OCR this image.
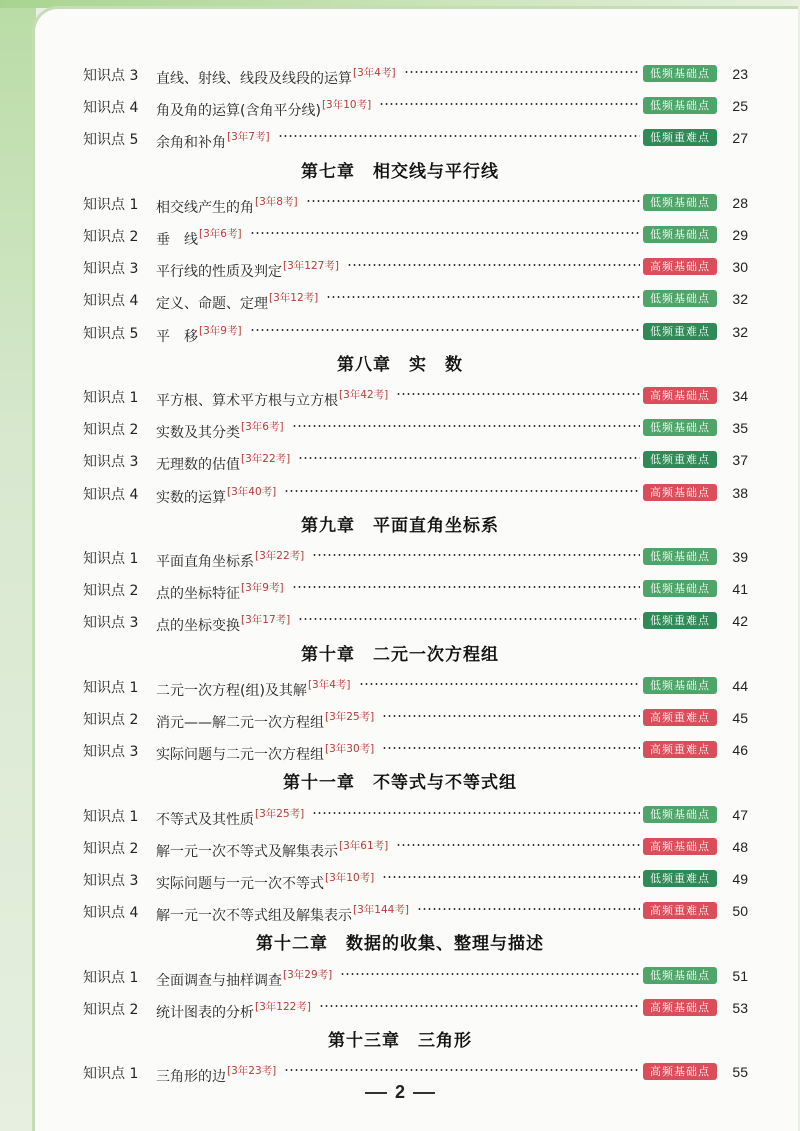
知识点 3 直线、射线、线段及线段的运算[3年4考]	低频基础点	23
知识点 4 角及角的运算(含角平分线)[3年10考]	低频基础点	25
知识点 5 余角和补角[3年7考]	低频重难点	27
第七章　相交线与平行线
知识点 1 相交线产生的角[3年8考]	低频基础点	28
知识点 2 垂　线[3年6考]	低频基础点	29
知识点 3 平行线的性质及判定[3年127考]	高频基础点	30
知识点 4 定义、命题、定理[3年12考]	低频基础点	32
知识点 5 平　移[3年9考]	低频重难点	32
第八章　实　数
知识点 1 平方根、算术平方根与立方根[3年42考]	高频基础点	34
知识点 2 实数及其分类[3年6考]	低频基础点	35
知识点 3 无理数的估值[3年22考]	低频重难点	37
知识点 4 实数的运算[3年40考]	高频基础点	38
第九章　平面直角坐标系
知识点 1 平面直角坐标系[3年22考]	低频基础点	39
知识点 2 点的坐标特征[3年9考]	低频基础点	41
知识点 3 点的坐标变换[3年17考]	低频重难点	42
第十章　二元一次方程组
知识点 1 二元一次方程(组)及其解[3年4考]	低频基础点	44
知识点 2 消元——解二元一次方程组[3年25考]	高频重难点	45
知识点 3 实际问题与二元一次方程组[3年30考]	高频重难点	46
第十一章　不等式与不等式组
知识点 1 不等式及其性质[3年25考]	低频基础点	47
知识点 2 解一元一次不等式及解集表示[3年61考]	高频基础点	48
知识点 3 实际问题与一元一次不等式[3年10考]	低频重难点	49
知识点 4 解一元一次不等式组及解集表示[3年144考]	高频重难点	50
第十二章　数据的收集、整理与描述
知识点 1 全面调查与抽样调查[3年29考]	低频基础点	51
知识点 2 统计图表的分析[3年122考]	高频基础点	53
第十三章　三角形
知识点 1 三角形的边[3年23考]	高频基础点	55
2
